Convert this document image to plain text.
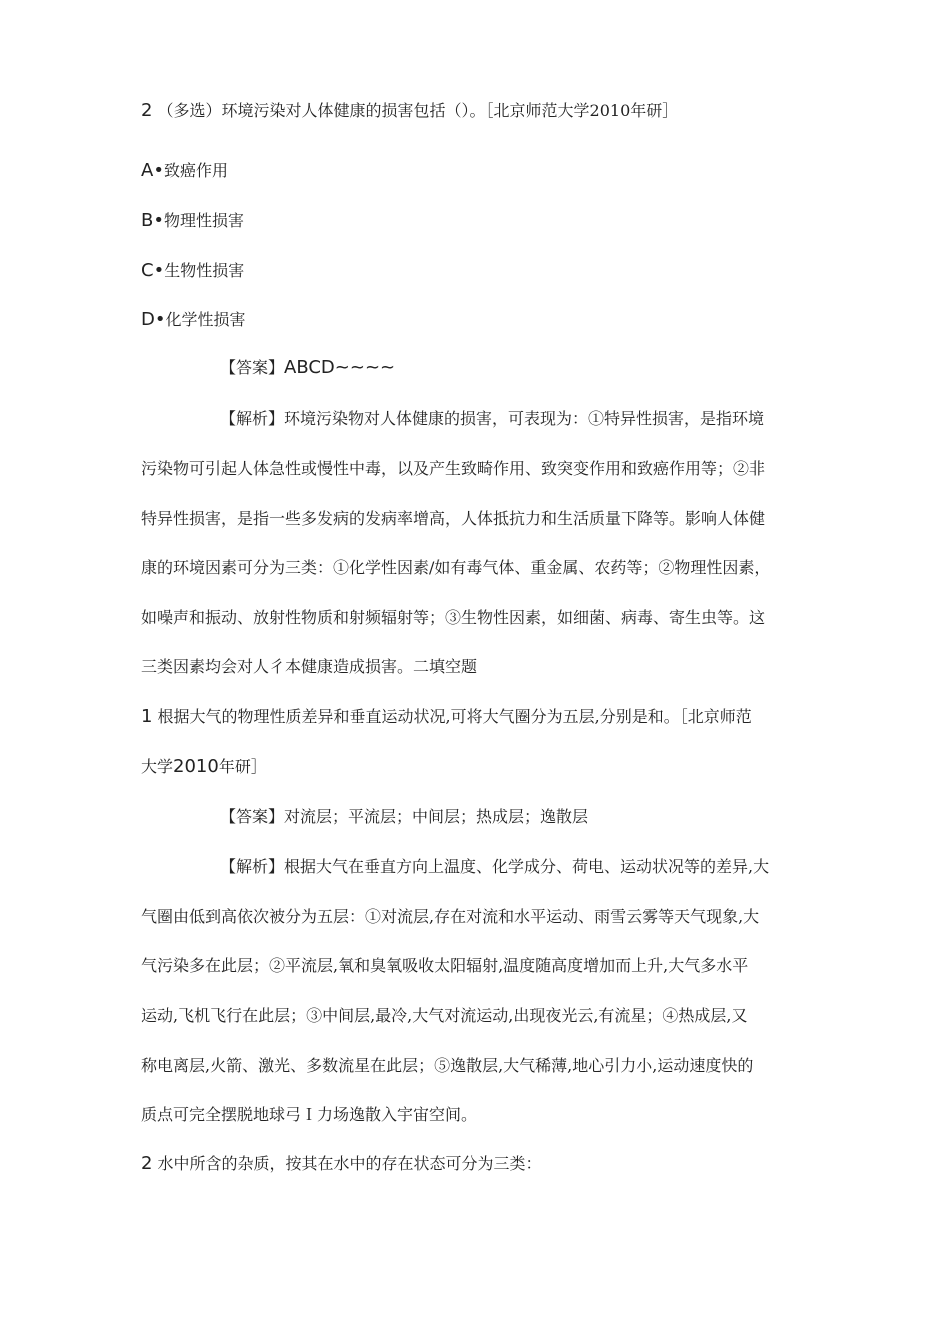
2 （多选）环境污染对人体健康的损害包括（）。［北京师范大学2010年研］
A•致癌作用
B•物理性损害
C•生物性损害
D•化学性损害
【答案】ABCD~~~~
【解析】环境污染物对人体健康的损害，可表现为：①特异性损害，是指环境
污染物可引起人体急性或慢性中毒，以及产生致畸作用、致突变作用和致癌作用等；②非
特异性损害，是指一些多发病的发病率增高，人体抵抗力和生活质量下降等。影响人体健
康的环境因素可分为三类：①化学性因素/如有毒气体、重金属、农药等；②物理性因素，
如噪声和振动、放射性物质和射频辐射等；③生物性因素，如细菌、病毒、寄生虫等。这
三类因素均会对人彳本健康造成损害。二填空题
1 根据大气的物理性质差异和垂直运动状况,可将大气圈分为五层,分别是和。［北京师范
大学2010年研］
【答案】对流层；平流层；中间层；热成层；逸散层
【解析】根据大气在垂直方向上温度、化学成分、荷电、运动状况等的差异,大
气圈由低到高依次被分为五层：①对流层,存在对流和水平运动、雨雪云雾等天气现象,大
气污染多在此层；②平流层,氧和臭氧吸收太阳辐射,温度随高度增加而上升,大气多水平
运动,飞机飞行在此层；③中间层,最冷,大气对流运动,出现夜光云,有流星；④热成层,又
称电离层,火箭、激光、多数流星在此层；⑤逸散层,大气稀薄,地心引力小,运动速度快的
质点可完全摆脱地球弓Ｉ力场逸散入宇宙空间。
2 水中所含的杂质，按其在水中的存在状态可分为三类：
